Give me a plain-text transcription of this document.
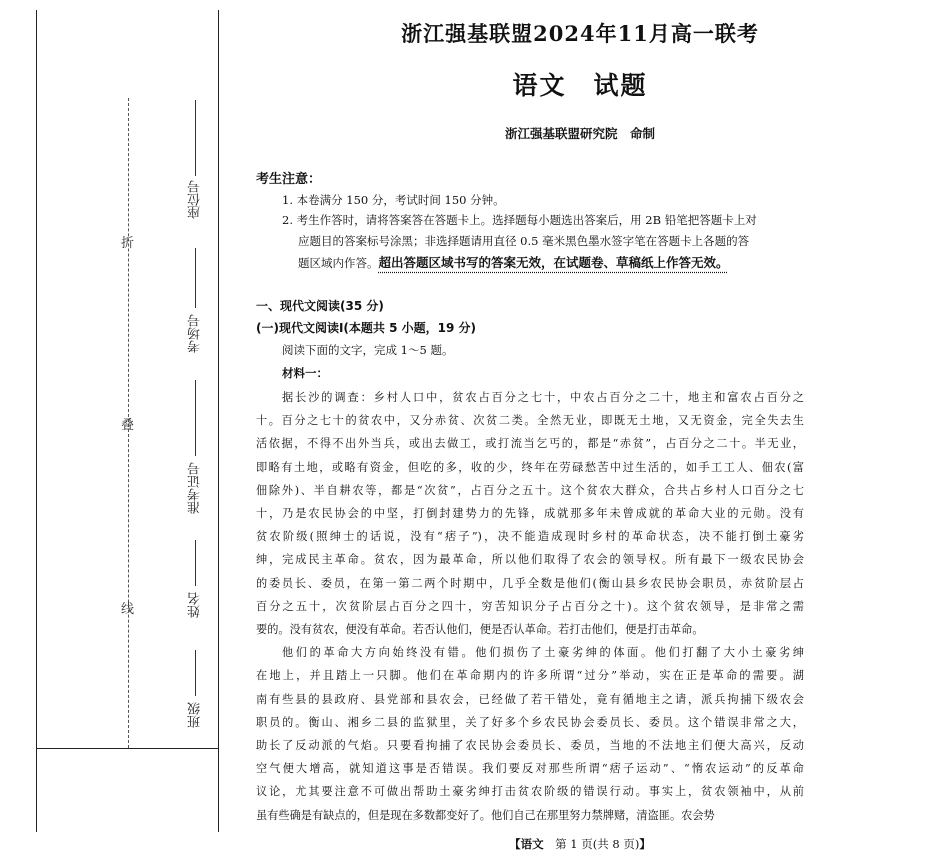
折
叠
线
座位号
考场号
准考证号
姓名
班级
浙江强基联盟2024年11月高一联考
语文　试题
浙江强基联盟研究院　命制
考生注意：
1. 本卷满分 150 分，考试时间 150 分钟。
2. 考生作答时，请将答案答在答题卡上。选择题每小题选出答案后，用 2B 铅笔把答题卡上对
应题目的答案标号涂黑；非选择题请用直径 0.5 毫米黑色墨水签字笔在答题卡上各题的答
题区域内作答。超出答题区域书写的答案无效，在试题卷、草稿纸上作答无效。
一、现代文阅读(35 分)
(一)现代文阅读Ⅰ(本题共 5 小题，19 分)
阅读下面的文字，完成 1～5 题。
材料一：
据长沙的调查：乡村人口中，贫农占百分之七十，中农占百分之二十，地主和富农占百分之
十。百分之七十的贫农中，又分赤贫、次贫二类。全然无业，即既无土地，又无资金，完全失去生
活依据，不得不出外当兵，或出去做工，或打流当乞丐的，都是“赤贫”，占百分之二十。半无业，
即略有土地，或略有资金，但吃的多，收的少，终年在劳碌愁苦中过生活的，如手工工人、佃农(富
佃除外)、半自耕农等，都是“次贫”，占百分之五十。这个贫农大群众，合共占乡村人口百分之七
十，乃是农民协会的中坚，打倒封建势力的先锋，成就那多年未曾成就的革命大业的元勋。没有
贫农阶级(照绅士的话说，没有“痞子”)，决不能造成现时乡村的革命状态，决不能打倒土豪劣
绅，完成民主革命。贫农，因为最革命，所以他们取得了农会的领导权。所有最下一级农民协会
的委员长、委员，在第一第二两个时期中，几乎全数是他们(衡山县乡农民协会职员，赤贫阶层占
百分之五十，次贫阶层占百分之四十，穷苦知识分子占百分之十)。这个贫农领导，是非常之需
要的。没有贫农，便没有革命。若否认他们，便是否认革命。若打击他们，便是打击革命。
他们的革命大方向始终没有错。他们损伤了土豪劣绅的体面。他们打翻了大小土豪劣绅
在地上，并且踏上一只脚。他们在革命期内的许多所谓“过分”举动，实在正是革命的需要。湖
南有些县的县政府、县党部和县农会，已经做了若干错处，竟有循地主之请，派兵拘捕下级农会
职员的。衡山、湘乡二县的监狱里，关了好多个乡农民协会委员长、委员。这个错误非常之大，
助长了反动派的气焰。只要看拘捕了农民协会委员长、委员，当地的不法地主们便大高兴，反动
空气便大增高，就知道这事是否错误。我们要反对那些所谓“痞子运动”、“惰农运动”的反革命
议论，尤其要注意不可做出帮助土豪劣绅打击贫农阶级的错误行动。事实上，贫农领袖中，从前
虽有些确是有缺点的，但是现在多数都变好了。他们自己在那里努力禁牌赌，清盗匪。农会势
【语文　 第 1 页(共 8 页)】
